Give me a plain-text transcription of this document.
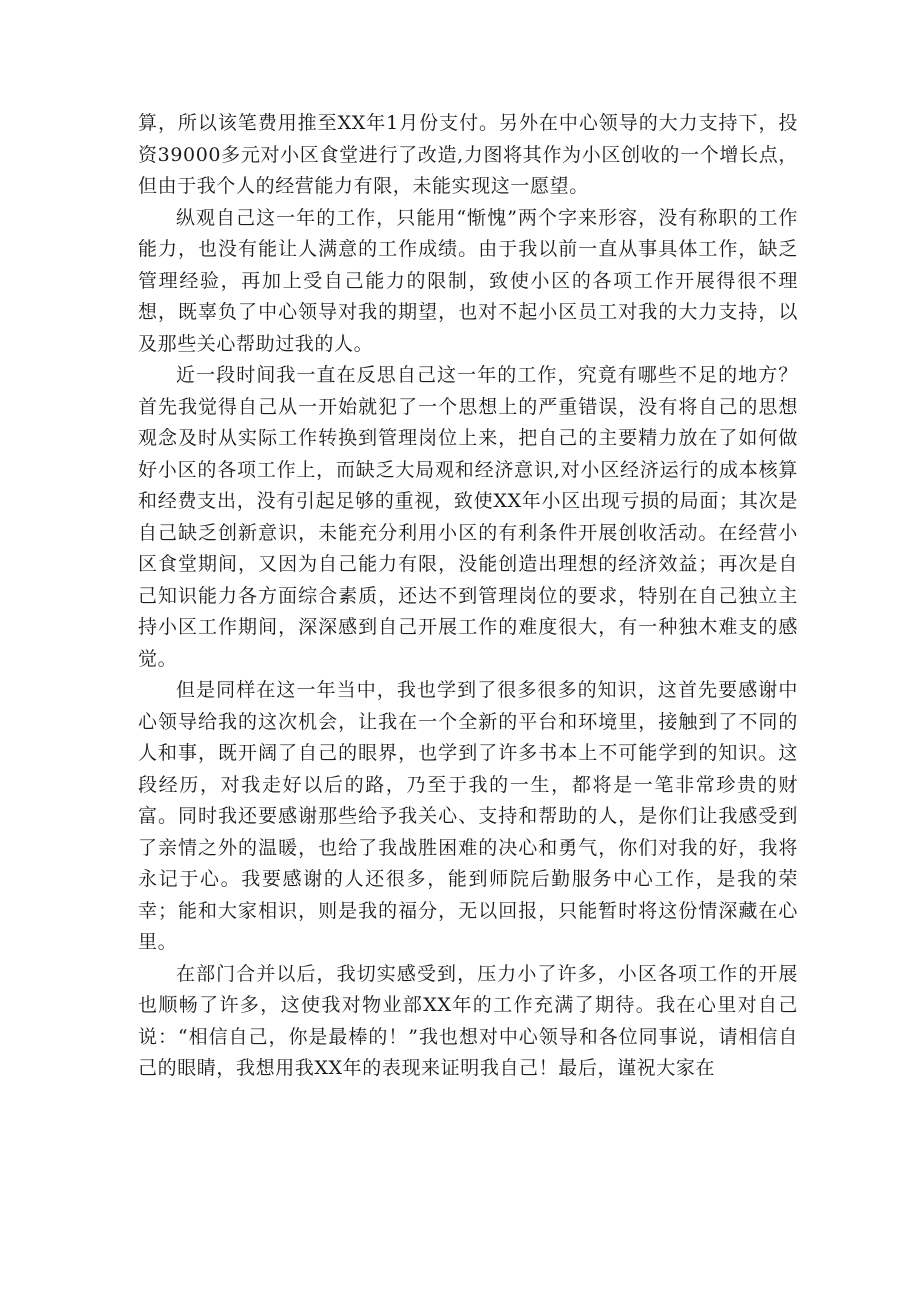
算，所以该笔费用推至XX年1月份支付。另外在中心领导的大力支持下，投资39000多元对小区食堂进行了改造,力图将其作为小区创收的一个增长点，但由于我个人的经营能力有限，未能实现这一愿望。

纵观自己这一年的工作，只能用“惭愧”两个字来形容，没有称职的工作能力，也没有能让人满意的工作成绩。由于我以前一直从事具体工作，缺乏管理经验，再加上受自己能力的限制，致使小区的各项工作开展得很不理想，既辜负了中心领导对我的期望，也对不起小区员工对我的大力支持，以及那些关心帮助过我的人。

近一段时间我一直在反思自己这一年的工作，究竟有哪些不足的地方？首先我觉得自己从一开始就犯了一个思想上的严重错误，没有将自己的思想观念及时从实际工作转换到管理岗位上来，把自己的主要精力放在了如何做好小区的各项工作上，而缺乏大局观和经济意识,对小区经济运行的成本核算和经费支出，没有引起足够的重视，致使XX年小区出现亏损的局面；其次是自己缺乏创新意识，未能充分利用小区的有利条件开展创收活动。在经营小区食堂期间，又因为自己能力有限，没能创造出理想的经济效益；再次是自己知识能力各方面综合素质，还达不到管理岗位的要求，特别在自己独立主持小区工作期间，深深感到自己开展工作的难度很大，有一种独木难支的感觉。

但是同样在这一年当中，我也学到了很多很多的知识，这首先要感谢中心领导给我的这次机会，让我在一个全新的平台和环境里，接触到了不同的人和事，既开阔了自己的眼界，也学到了许多书本上不可能学到的知识。这段经历，对我走好以后的路，乃至于我的一生，都将是一笔非常珍贵的财富。同时我还要感谢那些给予我关心、支持和帮助的人，是你们让我感受到了亲情之外的温暖，也给了我战胜困难的决心和勇气，你们对我的好，我将永记于心。我要感谢的人还很多，能到师院后勤服务中心工作，是我的荣幸；能和大家相识，则是我的福分，无以回报，只能暂时将这份情深藏在心里。

在部门合并以后，我切实感受到，压力小了许多，小区各项工作的开展也顺畅了许多，这使我对物业部XX年的工作充满了期待。我在心里对自己说：“相信自己，你是最棒的！”我也想对中心领导和各位同事说，请相信自己的眼睛，我想用我XX年的表现来证明我自己！最后，谨祝大家在
